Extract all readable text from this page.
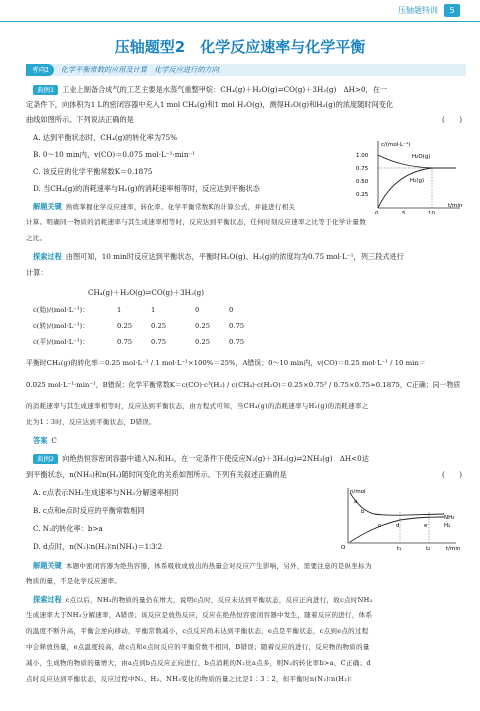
压轴题特训	5
压轴题型2　化学反应速率与化学平衡
考向1 化学平衡常数的应用及计算　化学反应进行的方向
典例1 工业上制备合成气的工艺主要是水蒸气重整甲烷：CH₄(g)＋H₂O(g)⇌CO(g)＋3H₂(g)　ΔH>0，在一
定条件下，向体积为1 L的密闭容器中充入1 mol CH₄(g)和1 mol H₂O(g)，测得H₂O(g)和H₂(g)的浓度随时间变化
曲线如图所示。下列说法正确的是	(　　)
A. 达到平衡状态时，CH₄(g)的转化率为75%
B. 0～10 min内，v(CO)＝0.075 mol·L⁻¹·min⁻¹
C. 该反应的化学平衡常数K＝0.1875
D. 当CH₄(g)的消耗速率与H₂(g)的消耗速率相等时，反应达到平衡状态
c/(mol·L⁻¹)
t/min
1.00
0.75
0.50
0.25
0	5	10
H₂O(g)
H₂(g)
解题关键 熟练掌握化学反应速率、转化率、化学平衡常数K的计算公式，并能进行相关
计算。明确同一物质的消耗速率与其生成速率相等时，反应达到平衡状态，任何时刻反应速率之比等于化学计量数
之比。
探索过程 由图可知，10 min时反应达到平衡状态，平衡时H₂O(g)、H₂(g)的浓度均为0.75 mol·L⁻¹，列三段式进行
计算：
CH₄(g)＋H₂O(g)⇌CO(g)＋3H₂(g)
c(始)/(mol·L⁻¹)：	1	1	0	0
c(转)/(mol·L⁻¹)：	0.25	0.25	0.25	0.75
c(平)/(mol·L⁻¹)：	0.75	0.75	0.25	0.75
平衡时CH₄(g)的转化率＝0.25 mol·L⁻¹ / 1 mol·L⁻¹×100%＝25%，A错误；0～10 min内，v(CO)＝0.25 mol·L⁻¹ / 10 min＝
0.025 mol·L⁻¹·min⁻¹，B错误；化学平衡常数K＝c(CO)·c³(H₂) / c(CH₄)·c(H₂O)＝0.25×0.75³ / 0.75×0.75≈0.1875，C正确；同一物质
的消耗速率与其生成速率相等时，反应达到平衡状态，由方程式可知，当CH₄(g)的消耗速率与H₂(g)的消耗速率之
比为1∶3时，反应达到平衡状态，D错误。
答案 C
典例2 向绝热恒容密闭容器中通入N₂和H₂，在一定条件下使反应N₂(g)＋3H₂(g)⇌2NH₃(g)　ΔH<0达
到平衡状态，n(NH₃)和n(H₂)随时间变化的关系如图所示。下列有关叙述正确的是	(　　)
A. c点表示NH₃生成速率与NH₃分解速率相同
B. c点和e点时反应的平衡常数相同
C. N₂的转化率：b>a
D. d点时，n(N₂)∶n(H₂)∶n(NH₃)＝1∶3∶2
n/mol
t/min
O	t₁	t₂
a
b
c	d	e
NH₃
H₂
解题关键 本题中密闭容器为绝热容器，体系吸收或放出的热量会对反应产生影响，另外，需要注意的是纵坐标为
物质的量，不是化学反应速率。
探索过程 c点以后，NH₃的物质的量仍在增大，说明c点时，反应未达到平衡状态，反应正向进行，故c点时NH₃
生成速率大于NH₃分解速率，A错误；该反应是放热反应，反应在绝热恒容密闭容器中发生，随着反应的进行，体系
的温度不断升高，平衡会逆向移动，平衡常数减小，c点反应尚未达到平衡状态，e点是平衡状态，c点到e点的过程
中会释放热量，e点温度较高，故c点和e点时反应的平衡常数不相同，B错误；随着反应的进行，反应物的物质的量
减小，生成物的物质的量增大，由a点到b点反应正向进行，b点消耗的N₂比a点多，则N₂的转化率b>a，C正确；d
点时反应达到平衡状态，反应过程中N₂、H₂、NH₃变化的物质的量之比是1∶3∶2，但平衡时n(N₂)∶n(H₂)∶
